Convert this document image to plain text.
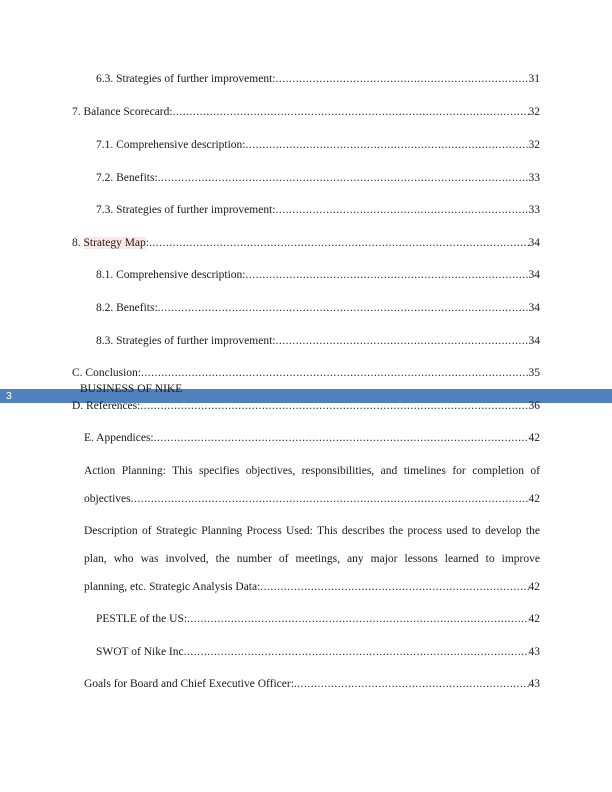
6.3. Strategies of further improvement: .....	31
7. Balance Scorecard: .....	32
7.1. Comprehensive description: .....	32
7.2. Benefits: .....	33
7.3. Strategies of further improvement: .....	33
8. Strategy Map: .....	34
8.1. Comprehensive description: .....	34
8.2. Benefits: .....	34
8.3. Strategies of further improvement: .....	34
C. Conclusion: .....	35
3
BUSINESS OF NIKE
D. References: .....	36
E. Appendices: .....	42
Action Planning: This specifies objectives, responsibilities, and timelines for completion of
objectives .....	42
Description of Strategic Planning Process Used: This describes the process used to develop the
plan, who was involved, the number of meetings, any major lessons learned to improve
planning, etc. Strategic Analysis Data: .....	42
PESTLE of the US: .....	42
SWOT of Nike Inc .....	43
Goals for Board and Chief Executive Officer: .....	43
